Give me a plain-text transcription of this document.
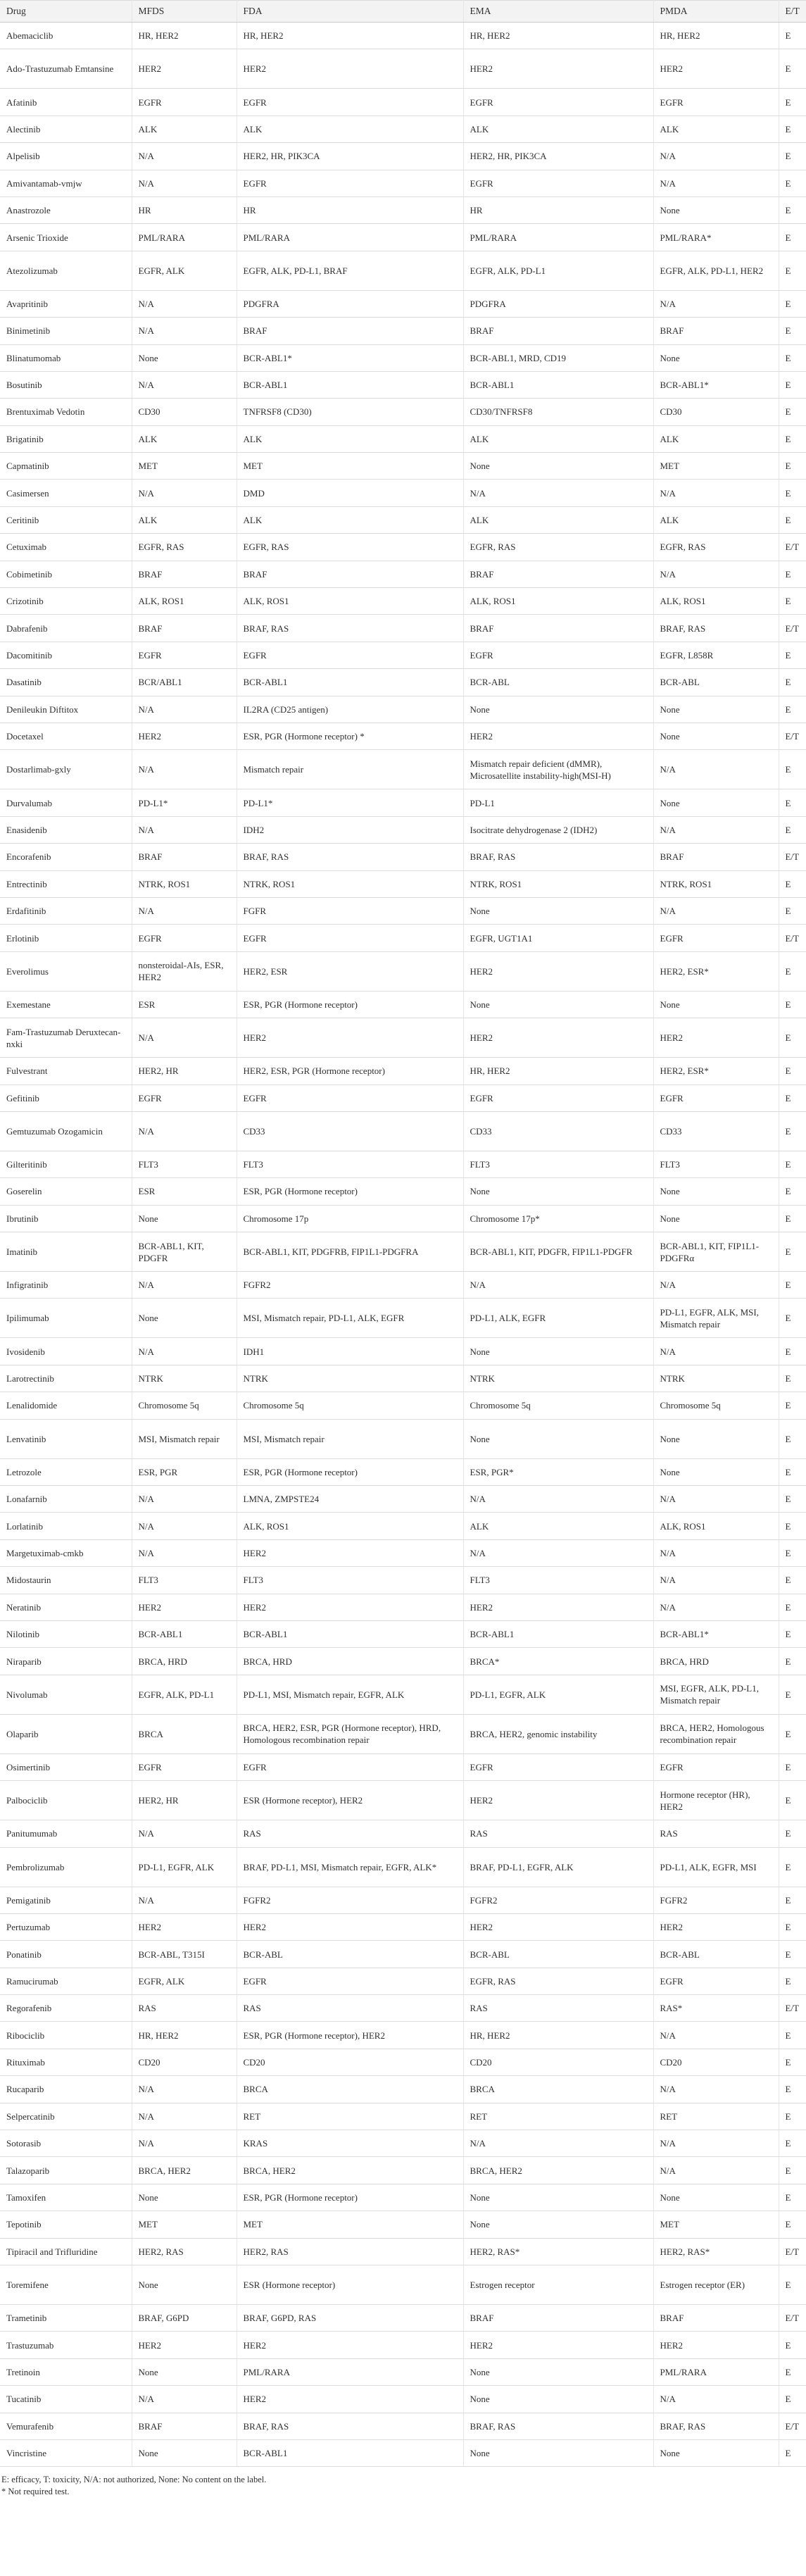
Drug	MFDS	FDA	EMA	PMDA	E/T
Abemaciclib	HR, HER2	HR, HER2	HR, HER2	HR, HER2	E
Ado-Trastuzumab Emtansine	HER2	HER2	HER2	HER2	E
Afatinib	EGFR	EGFR	EGFR	EGFR	E
Alectinib	ALK	ALK	ALK	ALK	E
Alpelisib	N/A	HER2, HR, PIK3CA	HER2, HR, PIK3CA	N/A	E
Amivantamab-vmjw	N/A	EGFR	EGFR	N/A	E
Anastrozole	HR	HR	HR	None	E
Arsenic Trioxide	PML/RARA	PML/RARA	PML/RARA	PML/RARA*	E
Atezolizumab	EGFR, ALK	EGFR, ALK, PD-L1, BRAF	EGFR, ALK, PD-L1	EGFR, ALK, PD-L1, HER2	E
Avapritinib	N/A	PDGFRA	PDGFRA	N/A	E
Binimetinib	N/A	BRAF	BRAF	BRAF	E
Blinatumomab	None	BCR-ABL1*	BCR-ABL1, MRD, CD19	None	E
Bosutinib	N/A	BCR-ABL1	BCR-ABL1	BCR-ABL1*	E
Brentuximab Vedotin	CD30	TNFRSF8 (CD30)	CD30/TNFRSF8	CD30	E
Brigatinib	ALK	ALK	ALK	ALK	E
Capmatinib	MET	MET	None	MET	E
Casimersen	N/A	DMD	N/A	N/A	E
Ceritinib	ALK	ALK	ALK	ALK	E
Cetuximab	EGFR, RAS	EGFR, RAS	EGFR, RAS	EGFR, RAS	E/T
Cobimetinib	BRAF	BRAF	BRAF	N/A	E
Crizotinib	ALK, ROS1	ALK, ROS1	ALK, ROS1	ALK, ROS1	E
Dabrafenib	BRAF	BRAF, RAS	BRAF	BRAF, RAS	E/T
Dacomitinib	EGFR	EGFR	EGFR	EGFR, L858R	E
Dasatinib	BCR/ABL1	BCR-ABL1	BCR-ABL	BCR-ABL	E
Denileukin Diftitox	N/A	IL2RA (CD25 antigen)	None	None	E
Docetaxel	HER2	ESR, PGR (Hormone receptor) *	HER2	None	E/T
Dostarlimab-gxly	N/A	Mismatch repair	Mismatch repair deficient (dMMR), Microsatellite instability-high(MSI-H)	N/A	E
Durvalumab	PD-L1*	PD-L1*	PD-L1	None	E
Enasidenib	N/A	IDH2	Isocitrate dehydrogenase 2 (IDH2)	N/A	E
Encorafenib	BRAF	BRAF, RAS	BRAF, RAS	BRAF	E/T
Entrectinib	NTRK, ROS1	NTRK, ROS1	NTRK, ROS1	NTRK, ROS1	E
Erdafitinib	N/A	FGFR	None	N/A	E
Erlotinib	EGFR	EGFR	EGFR, UGT1A1	EGFR	E/T
Everolimus	nonsteroidal-AIs, ESR, HER2	HER2, ESR	HER2	HER2, ESR*	E
Exemestane	ESR	ESR, PGR (Hormone receptor)	None	None	E
Fam-Trastuzumab Deruxtecan-nxki	N/A	HER2	HER2	HER2	E
Fulvestrant	HER2, HR	HER2, ESR, PGR (Hormone receptor)	HR, HER2	HER2, ESR*	E
Gefitinib	EGFR	EGFR	EGFR	EGFR	E
Gemtuzumab Ozogamicin	N/A	CD33	CD33	CD33	E
Gilteritinib	FLT3	FLT3	FLT3	FLT3	E
Goserelin	ESR	ESR, PGR (Hormone receptor)	None	None	E
Ibrutinib	None	Chromosome 17p	Chromosome 17p*	None	E
Imatinib	BCR-ABL1, KIT, PDGFR	BCR-ABL1, KIT, PDGFRB, FIP1L1-PDGFRA	BCR-ABL1, KIT, PDGFR, FIP1L1-PDGFR	BCR-ABL1, KIT, FIP1L1-PDGFRα	E
Infigratinib	N/A	FGFR2	N/A	N/A	E
Ipilimumab	None	MSI, Mismatch repair, PD-L1, ALK, EGFR	PD-L1, ALK, EGFR	PD-L1, EGFR, ALK, MSI, Mismatch repair	E
Ivosidenib	N/A	IDH1	None	N/A	E
Larotrectinib	NTRK	NTRK	NTRK	NTRK	E
Lenalidomide	Chromosome 5q	Chromosome 5q	Chromosome 5q	Chromosome 5q	E
Lenvatinib	MSI, Mismatch repair	MSI, Mismatch repair	None	None	E
Letrozole	ESR, PGR	ESR, PGR (Hormone receptor)	ESR, PGR*	None	E
Lonafarnib	N/A	LMNA, ZMPSTE24	N/A	N/A	E
Lorlatinib	N/A	ALK, ROS1	ALK	ALK, ROS1	E
Margetuximab-cmkb	N/A	HER2	N/A	N/A	E
Midostaurin	FLT3	FLT3	FLT3	N/A	E
Neratinib	HER2	HER2	HER2	N/A	E
Nilotinib	BCR-ABL1	BCR-ABL1	BCR-ABL1	BCR-ABL1*	E
Niraparib	BRCA, HRD	BRCA, HRD	BRCA*	BRCA, HRD	E
Nivolumab	EGFR, ALK, PD-L1	PD-L1, MSI, Mismatch repair, EGFR, ALK	PD-L1, EGFR, ALK	MSI, EGFR, ALK, PD-L1, Mismatch repair	E
Olaparib	BRCA	BRCA, HER2, ESR, PGR (Hormone receptor), HRD, Homologous recombination repair	BRCA, HER2, genomic instability	BRCA, HER2, Homologous recombination repair	E
Osimertinib	EGFR	EGFR	EGFR	EGFR	E
Palbociclib	HER2, HR	ESR (Hormone receptor), HER2	HER2	Hormone receptor (HR), HER2	E
Panitumumab	N/A	RAS	RAS	RAS	E
Pembrolizumab	PD-L1, EGFR, ALK	BRAF, PD-L1, MSI, Mismatch repair, EGFR, ALK*	BRAF, PD-L1, EGFR, ALK	PD-L1, ALK, EGFR, MSI	E
Pemigatinib	N/A	FGFR2	FGFR2	FGFR2	E
Pertuzumab	HER2	HER2	HER2	HER2	E
Ponatinib	BCR-ABL, T315I	BCR-ABL	BCR-ABL	BCR-ABL	E
Ramucirumab	EGFR, ALK	EGFR	EGFR, RAS	EGFR	E
Regorafenib	RAS	RAS	RAS	RAS*	E/T
Ribociclib	HR, HER2	ESR, PGR (Hormone receptor), HER2	HR, HER2	N/A	E
Rituximab	CD20	CD20	CD20	CD20	E
Rucaparib	N/A	BRCA	BRCA	N/A	E
Selpercatinib	N/A	RET	RET	RET	E
Sotorasib	N/A	KRAS	N/A	N/A	E
Talazoparib	BRCA, HER2	BRCA, HER2	BRCA, HER2	N/A	E
Tamoxifen	None	ESR, PGR (Hormone receptor)	None	None	E
Tepotinib	MET	MET	None	MET	E
Tipiracil and Trifluridine	HER2, RAS	HER2, RAS	HER2, RAS*	HER2, RAS*	E/T
Toremifene	None	ESR (Hormone receptor)	Estrogen receptor	Estrogen receptor (ER)	E
Trametinib	BRAF, G6PD	BRAF, G6PD, RAS	BRAF	BRAF	E/T
Trastuzumab	HER2	HER2	HER2	HER2	E
Tretinoin	None	PML/RARA	None	PML/RARA	E
Tucatinib	N/A	HER2	None	N/A	E
Vemurafenib	BRAF	BRAF, RAS	BRAF, RAS	BRAF, RAS	E/T
Vincristine	None	BCR-ABL1	None	None	E
E: efficacy, T: toxicity, N/A: not authorized, None: No content on the label.
* Not required test.
